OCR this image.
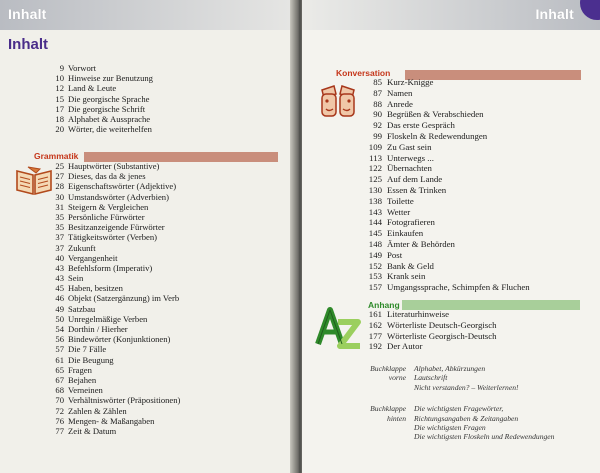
Inhalt
Inhalt
9 Vorwort
10 Hinweise zur Benutzung
12 Land & Leute
15 Die georgische Sprache
17 Die georgische Schrift
18 Alphabet & Aussprache
20 Wörter, die weiterhelfen
Grammatik
25 Hauptwörter (Substantive)
27 Dieses, das da & jenes
28 Eigenschaftswörter (Adjektive)
30 Umstandswörter (Adverbien)
31 Steigern & Vergleichen
35 Persönliche Fürwörter
35 Besitzanzeigende Fürwörter
37 Tätigkeitswörter (Verben)
37 Zukunft
40 Vergangenheit
43 Befehlsform (Imperativ)
43 Sein
45 Haben, besitzen
46 Objekt (Satzergänzung) im Verb
49 Satzbau
50 Unregelmäßige Verben
54 Dorthin / Hierher
56 Bindewörter (Konjunktionen)
57 Die 7 Fälle
61 Die Beugung
65 Fragen
67 Bejahen
68 Verneinen
70 Verhältniswörter (Präpositionen)
72 Zahlen & Zählen
76 Mengen- & Maßangaben
77 Zeit & Datum
Inhalt
Konversation
85 Kurz-Knigge
87 Namen
88 Anrede
90 Begrüßen & Verabschieden
92 Das erste Gespräch
99 Floskeln & Redewendungen
109 Zu Gast sein
113 Unterwegs ...
122 Übernachten
125 Auf dem Lande
130 Essen & Trinken
138 Toilette
143 Wetter
144 Fotografieren
145 Einkaufen
148 Ämter & Behörden
149 Post
152 Bank & Geld
153 Krank sein
157 Umgangssprache, Schimpfen & Fluchen
Anhang
161 Literaturhinweise
162 Wörterliste Deutsch-Georgisch
177 Wörterliste Georgisch-Deutsch
192 Der Autor
Buchklappe
vorne
Alphabet, Abkürzungen
Lautschrift
Nicht verstanden? – Weiterlernen!
Buchklappe
hinten
Die wichtigsten Fragewörter,
Richtungsangaben & Zeitangaben
Die wichtigsten Fragen
Die wichtigsten Floskeln und Redewendungen
